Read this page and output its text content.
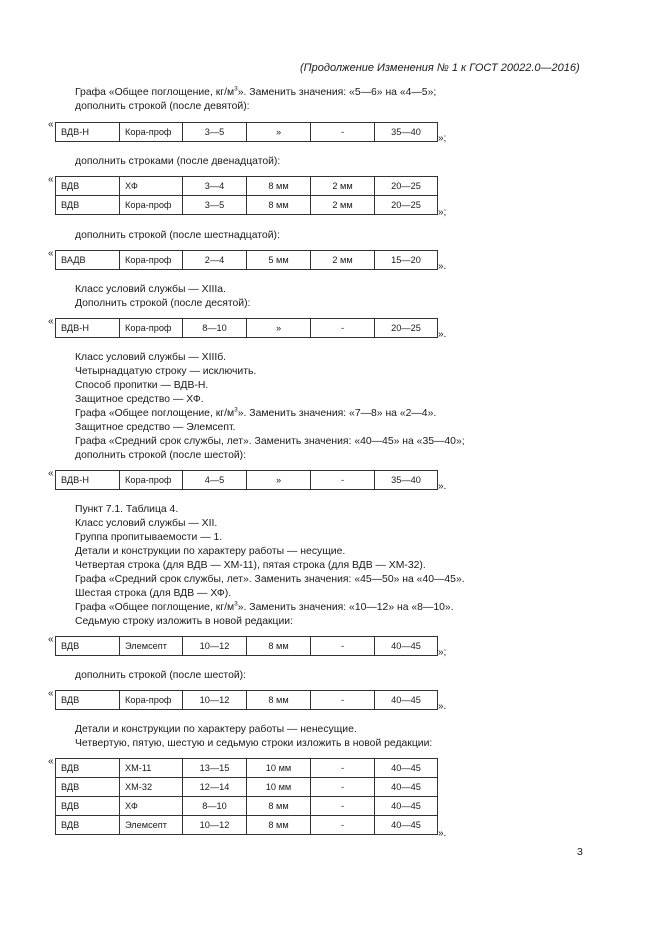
(Продолжение Изменения № 1 к ГОСТ 20022.0—2016)
Графа «Общее поглощение, $кг/м^3$». Заменить значения: «5—6» на «4—5»;
дополнить строкой (после девятой):
«
ВДВ-Н	Кора-проф	3—5	»	-	35—40
»;
дополнить строками (после двенадцатой):
«
ВДВ	ХФ	3—4	8 мм	2 мм	20—25
ВДВ	Кора-проф	3—5	8 мм	2 мм	20—25
»;
дополнить строкой (после шестнадцатой):
«
ВАДВ	Кора-проф	2—4	5 мм	2 мм	15—20
».
Класс условий службы — XIIIa.
Дополнить строкой (после десятой):
«
ВДВ-Н	Кора-проф	8—10	»	-	20—25
».
Класс условий службы — XIIIб.
Четырнадцатую строку — исключить.
Способ пропитки — ВДВ-Н.
Защитное средство — ХФ.
Графа «Общее поглощение, $кг/м^3$». Заменить значения: «7—8» на «2—4».
Защитное средство — Элемсепт.
Графа «Средний срок службы, лет». Заменить значения: «40—45» на «35—40»;
дополнить строкой (после шестой):
«
ВДВ-Н	Кора-проф	4—5	»	-	35—40
».
Пункт 7.1. Таблица 4.
Класс условий службы — XII.
Группа пропитываемости — 1.
Детали и конструкции по характеру работы — несущие.
Четвертая строка (для ВДВ — ХМ-11), пятая строка (для ВДВ — ХМ-32).
Графа «Средний срок службы, лет». Заменить значения: «45—50» на «40—45».
Шестая строка (для ВДВ — ХФ).
Графа «Общее поглощение, $кг/м^3$». Заменить значения: «10—12» на «8—10».
Седьмую строку изложить в новой редакции:
«
ВДВ	Элемсепт	10—12	8 мм	-	40—45
»;
дополнить строкой (после шестой):
«
ВДВ	Кора-проф	10—12	8 мм	-	40—45
».
Детали и конструкции по характеру работы — ненесущие.
Четвертую, пятую, шестую и седьмую строки изложить в новой редакции:
«
ВДВ	ХМ-11	13—15	10 мм	-	40—45
ВДВ	ХМ-32	12—14	10 мм	-	40—45
ВДВ	ХФ	8—10	8 мм	-	40—45
ВДВ	Элемсепт	10—12	8 мм	-	40—45
».
3
